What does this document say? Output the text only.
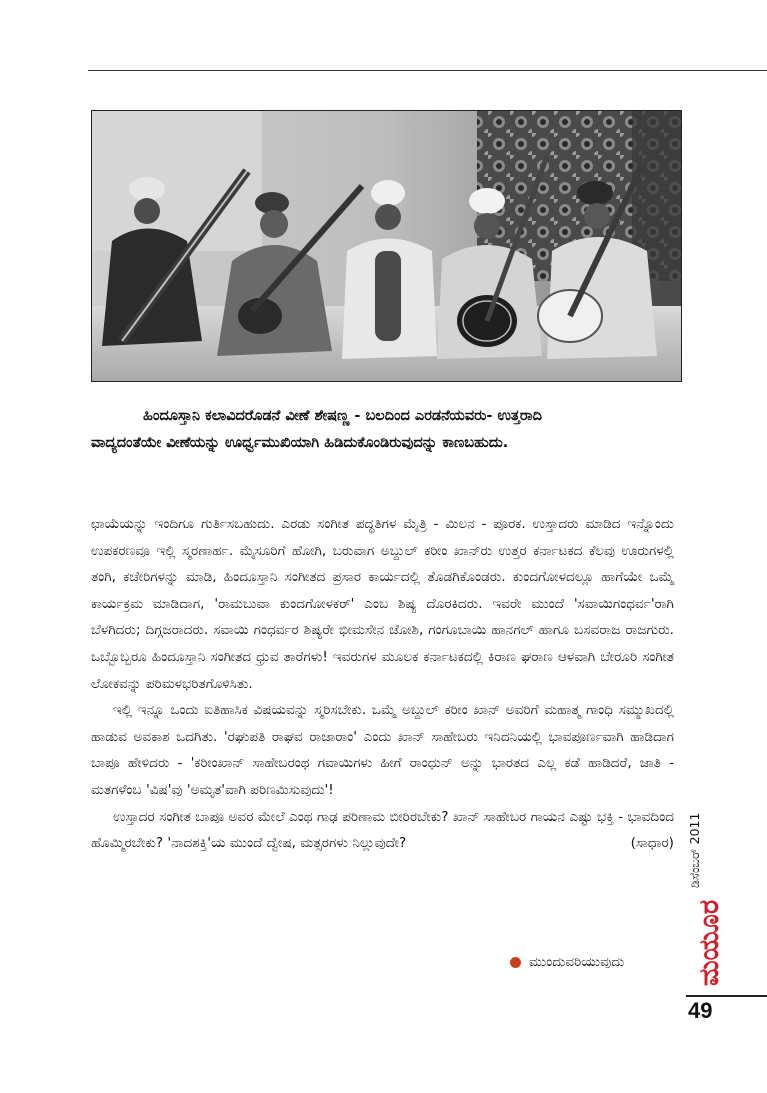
ಹಿಂದೂಸ್ತಾನಿ ಕಲಾವಿದರೊಡನೆ ವೀಣೆ ಶೇಷಣ್ಣ - ಬಲದಿಂದ ಎರಡನೆಯವರು- ಉತ್ತರಾದಿ

ವಾದ್ಯದಂತೆಯೇ ವೀಣೆಯನ್ನು ಊರ್ಧ್ವಮುಖಿಯಾಗಿ ಹಿಡಿದುಕೊಂಡಿರುವುದನ್ನು ಕಾಣಬಹುದು.

ಛಾಯೆಯನ್ನು ಇಂದಿಗೂ ಗುರ್ತಿಸಬಹುದು. ಎರಡು ಸಂಗೀತ ಪದ್ಧತಿಗಳ ಮೈತ್ರಿ - ಮಿಲನ - ಪೂರಕ. ಉಸ್ತಾದರು ಮಾಡಿದ ಇನ್ನೊಂದು ಉಪಕರಣವೂ ಇಲ್ಲಿ ಸ್ಮರಣಾರ್ಹ. ಮೈಸೂರಿಗೆ ಹೋಗಿ, ಬರುವಾಗ ಅಬ್ದುಲ್ ಕರೀಂ ಖಾನ್‌ರು ಉತ್ತರ ಕರ್ನಾಟಕದ ಕೆಲವು ಊರುಗಳಲ್ಲಿ ತಂಗಿ, ಕಚೇರಿಗಳನ್ನು ಮಾಡಿ, ಹಿಂದೂಸ್ತಾನಿ ಸಂಗೀತದ ಪ್ರಸಾರ ಕಾರ್ಯದಲ್ಲಿ ತೊಡಗಿಕೊಂಡರು. ಕುಂದಗೋಳದಲ್ಲೂ ಹಾಗೆಯೇ ಒಮ್ಮೆ ಕಾರ್ಯಕ್ರಮ ಮಾಡಿದಾಗ, 'ರಾಮಬುವಾ ಕುಂದಗೋಳಕರ್' ಎಂಬ ಶಿಷ್ಯ ದೊರಕಿದರು. ಇವರೇ ಮುಂದೆ 'ಸವಾಯಿಗಂಧರ್ವ'ರಾಗಿ ಬೆಳಗಿದರು; ದಿಗ್ಗಜರಾದರು. ಸವಾಯಿ ಗಂಧರ್ವರ ಶಿಷ್ಯರೇ ಭೀಮಸೇನ ಜೋಶಿ, ಗಂಗೂಬಾಯಿ ಹಾನಗಲ್ ಹಾಗೂ ಬಸವರಾಜ ರಾಜಗುರು. ಒಬ್ಬೊಬ್ಬರೂ ಹಿಂದೂಸ್ತಾನಿ ಸಂಗೀತದ ಧ್ರುವ ತಾರೆಗಳು! ಇವರುಗಳ ಮೂಲಕ ಕರ್ನಾಟಕದಲ್ಲಿ ಕಿರಾಣ ಘರಾಣ ಆಳವಾಗಿ ಬೇರೂರಿ ಸಂಗೀತ ಲೋಕವನ್ನು ಪರಿಮಳಭರಿತಗೊಳಿಸಿತು.

ಇಲ್ಲಿ ಇನ್ನೂ ಒಂದು ಐತಿಹಾಸಿಕ ವಿಷಯವನ್ನು ಸ್ಮರಿಸಬೇಕು. ಒಮ್ಮೆ ಅಬ್ದುಲ್ ಕರೀಂ ಖಾನ್ ಅವರಿಗೆ ಮಹಾತ್ಮ ಗಾಂಧಿ ಸಮ್ಮುಖದಲ್ಲಿ ಹಾಡುವ ಅವಕಾಶ ಒದಗಿತು. 'ರಘುಪತಿ ರಾಘವ ರಾಜಾರಾಂ' ಎಂದು ಖಾನ್ ಸಾಹೇಬರು ಇನಿದನಿಯಲ್ಲಿ ಭಾವಪೂರ್ಣವಾಗಿ ಹಾಡಿದಾಗ ಬಾಪೂ ಹೇಳಿದರು - 'ಕರೀಂಖಾನ್ ಸಾಹೇಬರಂಥ ಗವಾಯಿಗಳು ಹೀಗೆ ರಾಂಧುನ್ ಅನ್ನು ಭಾರತದ ಎಲ್ಲ ಕಡೆ ಹಾಡಿದರೆ, ಜಾತಿ - ಮತಗಳೆಂಬ 'ವಿಷ'ವು 'ಅಮೃತ'ವಾಗಿ ಪರಿಣಮಿಸುವುದು'!

ಉಸ್ತಾದರ ಸಂಗೀತ ಬಾಪೂ ಅವರ ಮೇಲೆ ಎಂಥ ಗಾಢ ಪರಿಣಾಮ ಬೀರಿರಬೇಕು? ಖಾನ್ ಸಾಹೇಬರ ಗಾಯನ ಎಷ್ಟು ಭಕ್ತಿ - ಭಾವದಿಂದ ಹೊಮ್ಮಿರಬೇಕು? 'ನಾದಶಕ್ತಿ'ಯ ಮುಂದೆ ದ್ವೇಷ, ಮತ್ಸರಗಳು ನಿಲ್ಲುವುದೇ?	(ಸಾಧಾರ)

ಮುಂದುವರಿಯುವುದು
ಡಿಸೆಂಬರ್ 2011
ಮಯೂರ
49
